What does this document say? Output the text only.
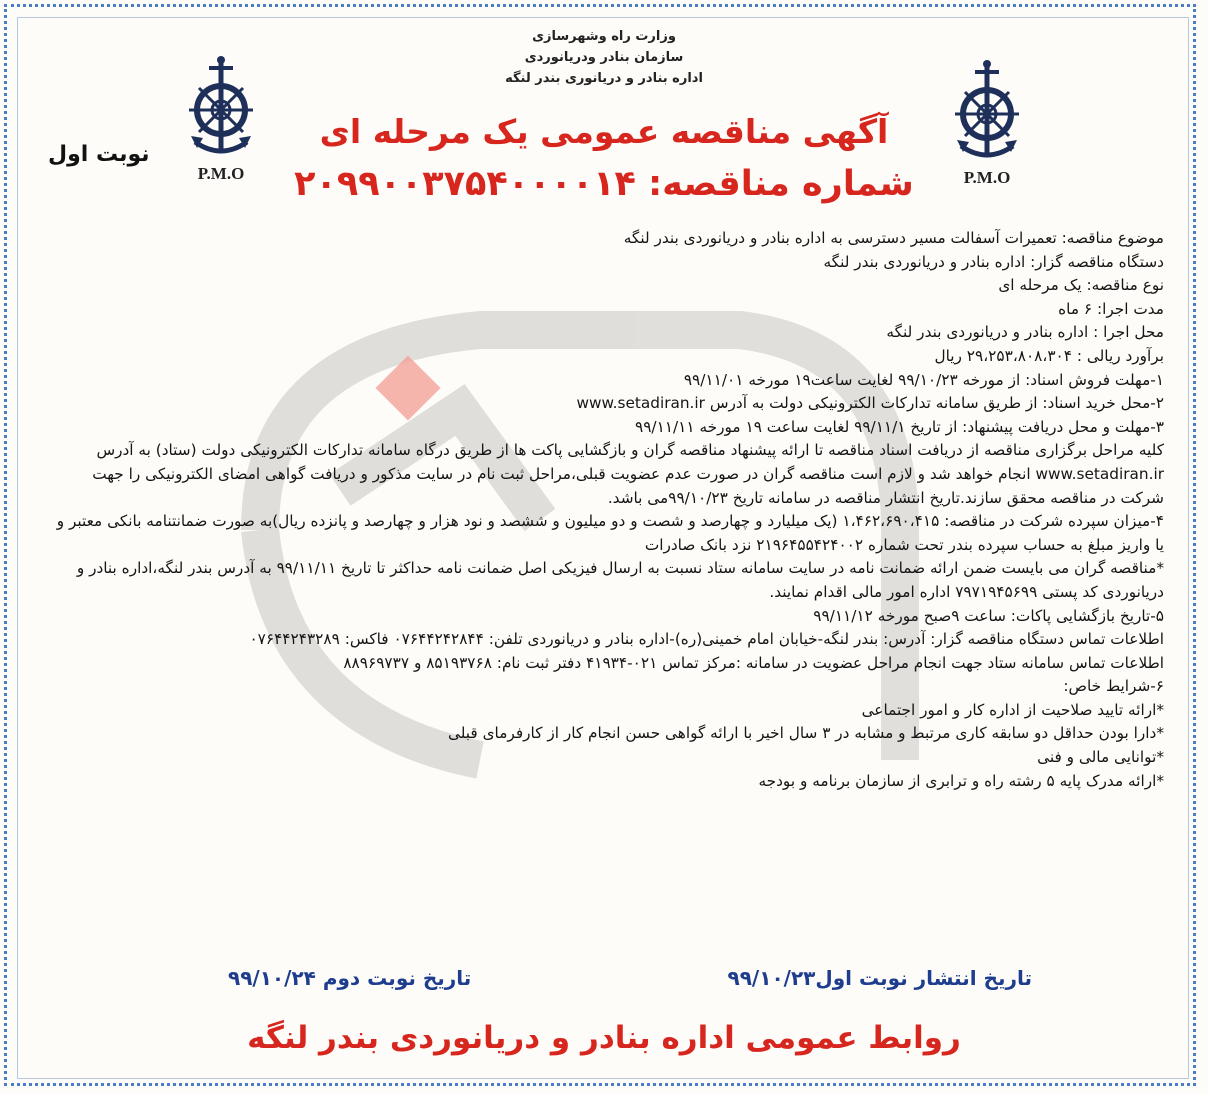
وزارت راه وشهرسازی
سازمان بنادر ودریانوردی
اداره بنادر و دریانوری بندر لنگه
P.M.O	P.M.O
نوبت اول
آگهی مناقصه عمومی یک مرحله ای
شماره مناقصه: ۲۰۹۹۰۰۳۷۵۴۰۰۰۰۱۴

موضوع مناقصه: تعمیرات آسفالت مسیر دسترسی به اداره بنادر و دریانوردی بندر لنگه

دستگاه مناقصه گزار: اداره بنادر و دریانوردی بندر لنگه

نوع مناقصه: یک مرحله ای

مدت اجرا: ۶ ماه

محل اجرا : اداره بنادر و دریانوردی بندر لنگه

برآورد ریالی : ۲۹،۲۵۳،۸۰۸،۳۰۴ ریال

۱-مهلت فروش اسناد: از مورخه ۹۹/۱۰/۲۳ لغایت ساعت۱۹ مورخه ۹۹/۱۱/۰۱

۲-محل خرید اسناد: از طریق سامانه تدارکات الکترونیکی دولت به آدرس www.setadiran.ir

۳-مهلت و محل دریافت پیشنهاد: از تاریخ ۹۹/۱۱/۱ لغایت ساعت ۱۹ مورخه ۹۹/۱۱/۱۱

کلیه مراحل برگزاری مناقصه از دریافت اسناد مناقصه تا ارائه پیشنهاد مناقصه گران و بازگشایی پاکت ها از طریق درگاه سامانه تدارکات الکترونیکی دولت (ستاد) به آدرس www.setadiran.ir انجام خواهد شد و لازم است مناقصه گران در صورت عدم عضویت قبلی،مراحل ثبت نام در سایت مذکور و دریافت گواهی امضای الکترونیکی را جهت شرکت در مناقصه محقق سازند.تاریخ انتشار مناقصه در سامانه تاریخ ۹۹/۱۰/۲۳می باشد.

۴-میزان سپرده شرکت در مناقصه: ۱،۴۶۲،۶۹۰،۴۱۵ (یک میلیارد و چهارصد و شصت و دو میلیون و ششصد و نود هزار و چهارصد و پانزده ریال)به صورت ضمانتنامه بانکی معتبر و یا واریز مبلغ به حساب سپرده بندر تحت شماره ۲۱۹۶۴۵۵۴۲۴۰۰۲ نزد بانک صادرات

*مناقصه گران می بایست ضمن ارائه ضمانت نامه در سایت سامانه ستاد نسبت به ارسال فیزیکی اصل ضمانت نامه حداکثر تا تاریخ ۹۹/۱۱/۱۱ به آدرس بندر لنگه،اداره بنادر و دریانوردی کد پستی ۷۹۷۱۹۴۵۶۹۹ اداره امور مالی اقدام نمایند.

۵-تاریخ بازگشایی پاکات: ساعت ۹صبح مورخه ۹۹/۱۱/۱۲

اطلاعات تماس دستگاه مناقصه گزار: آدرس: بندر لنگه-خیابان امام خمینی(ره)-اداره بنادر و دریانوردی تلفن: ۰۷۶۴۴۲۴۲۸۴۴ فاکس: ۰۷۶۴۴۲۴۳۲۸۹

اطلاعات تماس سامانه ستاد جهت انجام مراحل عضویت در سامانه :مرکز تماس ۰۲۱-۴۱۹۳۴ دفتر ثبت نام: ۸۵۱۹۳۷۶۸ و ۸۸۹۶۹۷۳۷

۶-شرایط خاص:

*ارائه تایید صلاحیت از اداره کار و امور اجتماعی

*دارا بودن حداقل دو سابقه کاری مرتبط و مشابه در ۳ سال اخیر با ارائه گواهی حسن انجام کار از کارفرمای قبلی

*توانایی مالی و فنی

*ارائه مدرک پایه ۵ رشته راه و ترابری از سازمان برنامه و بودجه

تاریخ انتشار نوبت اول۹۹/۱۰/۲۳
تاریخ نوبت دوم ۹۹/۱۰/۲۴
روابط عمومی اداره بنادر و دریانوردی بندر لنگه
